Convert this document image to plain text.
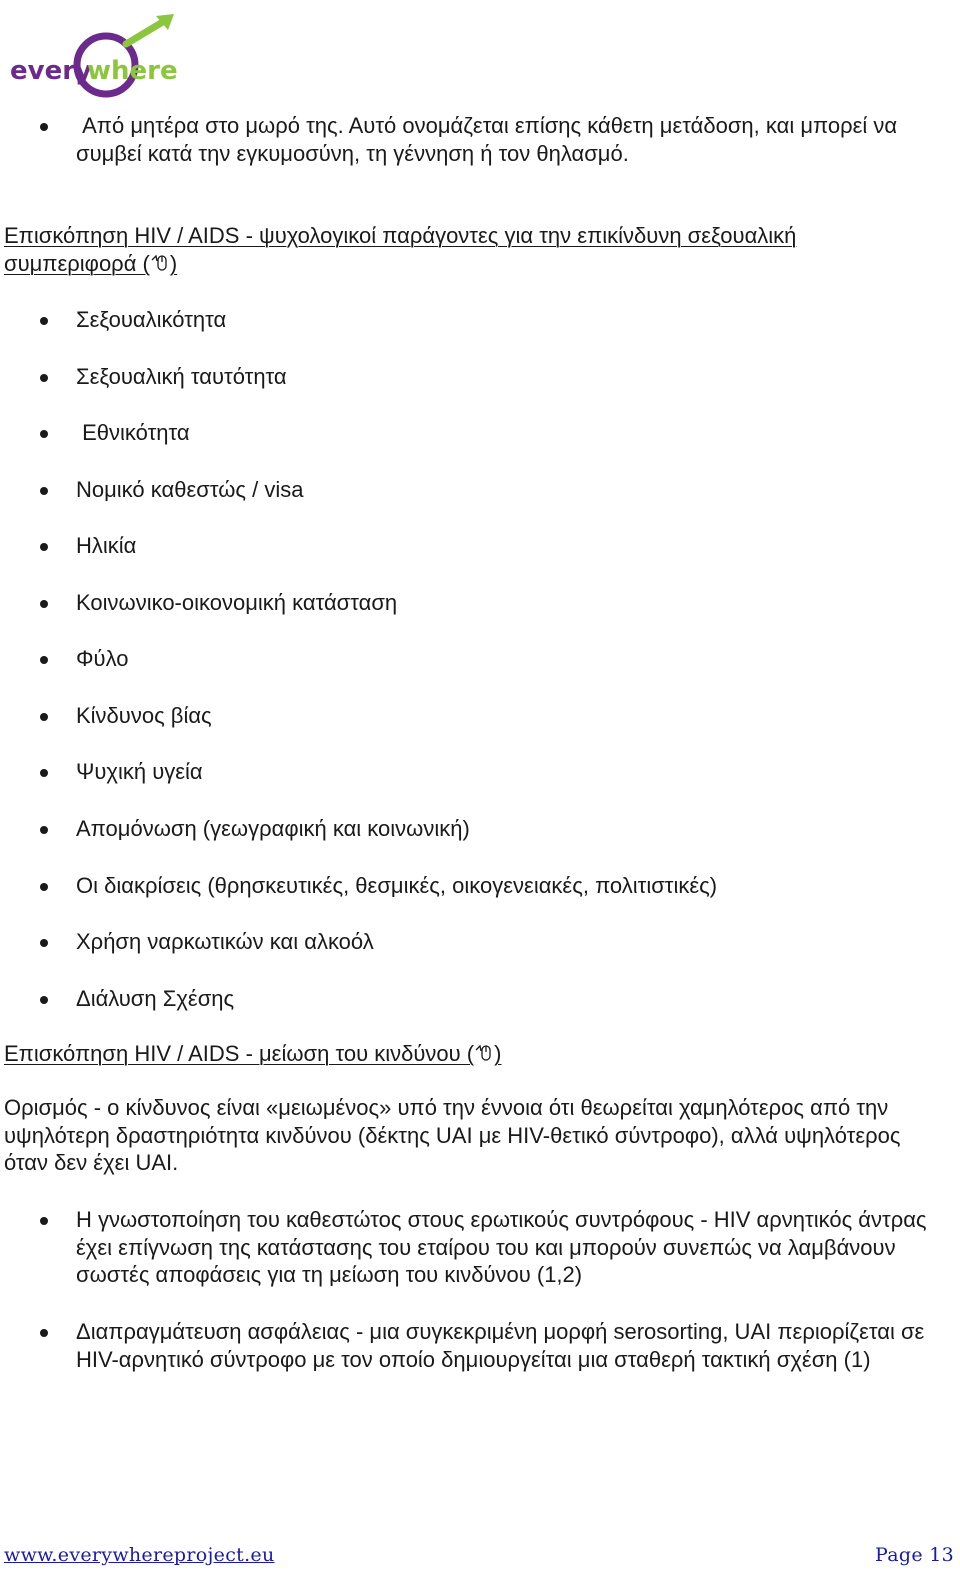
every
where
Από μητέρα στο μωρό της. Αυτό ονομάζεται επίσης κάθετη μετάδοση, και μπορεί να συμβεί κατά την εγκυμοσύνη, τη γέννηση ή τον θηλασμό.
Επισκόπηση HIV / AIDS - ψυχολογικοί παράγοντες για την επικίνδυνη σεξουαλική συμπεριφορά ( )
Σεξουαλικότητα
Σεξουαλική ταυτότητα
Εθνικότητα
Νομικό καθεστώς / visa
Ηλικία
Κοινωνικο-οικονομική κατάσταση
Φύλο
Κίνδυνος βίας
Ψυχική υγεία
Απομόνωση (γεωγραφική και κοινωνική)
Οι διακρίσεις (θρησκευτικές, θεσμικές, οικογενειακές, πολιτιστικές)
Χρήση ναρκωτικών και αλκοόλ
Διάλυση Σχέσης
Επισκόπηση HIV / AIDS - μείωση του κινδύνου ( )
Ορισμός - ο κίνδυνος είναι «μειωμένος» υπό την έννοια ότι θεωρείται χαμηλότερος από την υψηλότερη δραστηριότητα κινδύνου (δέκτης UAI με HIV-θετικό σύντροφο), αλλά υψηλότερος όταν δεν έχει UAI.
Η γνωστοποίηση του καθεστώτος στους ερωτικούς συντρόφους - HIV αρνητικός άντρας έχει επίγνωση της κατάστασης του εταίρου του και μπορούν συνεπώς να λαμβάνουν σωστές αποφάσεις για τη μείωση του κινδύνου (1,2)
Διαπραγμάτευση ασφάλειας - μια συγκεκριμένη μορφή serosorting, UAI περιορίζεται σε HIV-αρνητικό σύντροφο με τον οποίο δημιουργείται μια σταθερή τακτική σχέση (1)
www.everywhereproject.eu	Page 13
